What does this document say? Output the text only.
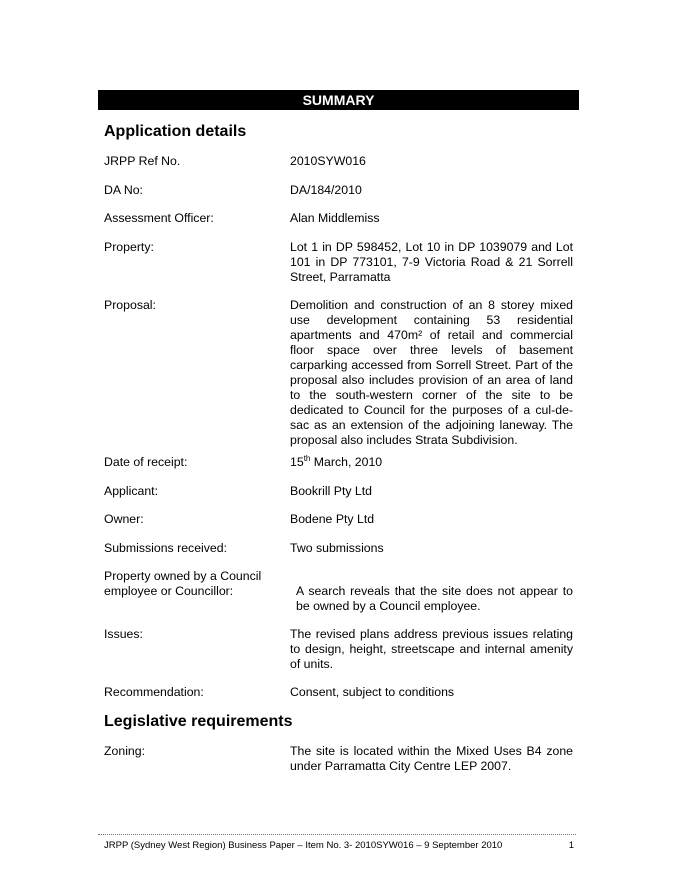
SUMMARY
Application details
JRPP Ref No.	2010SYW016
DA No:	DA/184/2010
Assessment Officer:	Alan Middlemiss
Property:	Lot 1 in DP 598452, Lot 10 in DP 1039079 and Lot 101 in DP 773101, 7-9 Victoria Road & 21 Sorrell Street, Parramatta
Proposal:	Demolition and construction of an 8 storey mixed use development containing 53 residential apartments and 470m² of retail and commercial floor space over three levels of basement carparking accessed from Sorrell Street. Part of the proposal also includes provision of an area of land to the south-western corner of the site to be dedicated to Council for the purposes of a cul-de-sac as an extension of the adjoining laneway. The proposal also includes Strata Subdivision.
Date of receipt:	15th March, 2010
Applicant:	Bookrill Pty Ltd
Owner:	Bodene Pty Ltd
Submissions received:	Two submissions
Property owned by a Council
employee or Councillor:	A search reveals that the site does not appear to be owned by a Council employee.
Issues:	The revised plans address previous issues relating to design, height, streetscape and internal amenity of units.
Recommendation:	Consent, subject to conditions
Legislative requirements
Zoning:	The site is located within the Mixed Uses B4 zone under Parramatta City Centre LEP 2007.
JRPP (Sydney West Region) Business Paper – Item No. 3- 2010SYW016 – 9 September 2010	1
